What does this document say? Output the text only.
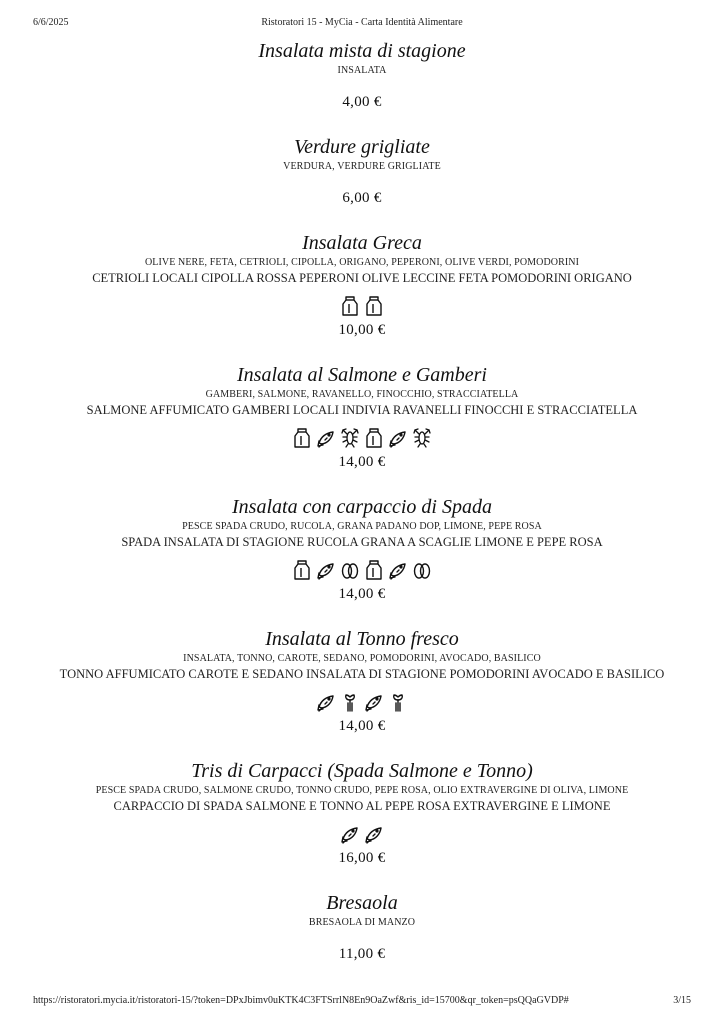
6/6/2025	Ristoratori 15 - MyCia - Carta Identità Alimentare
Insalata mista di stagione
INSALATA
4,00 €
Verdure grigliate
VERDURA, VERDURE GRIGLIATE
6,00 €
Insalata Greca
OLIVE NERE, FETA, CETRIOLI, CIPOLLA, ORIGANO, PEPERONI, OLIVE VERDI, POMODORINI
CETRIOLI LOCALI CIPOLLA ROSSA PEPERONI OLIVE LECCINE FETA POMODORINI ORIGANO
10,00 €
Insalata al Salmone e Gamberi
GAMBERI, SALMONE, RAVANELLO, FINOCCHIO, STRACCIATELLA
SALMONE AFFUMICATO GAMBERI LOCALI INDIVIA RAVANELLI FINOCCHI E STRACCIATELLA
14,00 €
Insalata con carpaccio di Spada
PESCE SPADA CRUDO, RUCOLA, GRANA PADANO DOP, LIMONE, PEPE ROSA
SPADA INSALATA DI STAGIONE RUCOLA GRANA A SCAGLIE LIMONE E PEPE ROSA
14,00 €
Insalata al Tonno fresco
INSALATA, TONNO, CAROTE, SEDANO, POMODORINI, AVOCADO, BASILICO
TONNO AFFUMICATO CAROTE E SEDANO INSALATA DI STAGIONE POMODORINI AVOCADO E BASILICO
14,00 €
Tris di Carpacci (Spada Salmone e Tonno)
PESCE SPADA CRUDO, SALMONE CRUDO, TONNO CRUDO, PEPE ROSA, OLIO EXTRAVERGINE DI OLIVA, LIMONE
CARPACCIO DI SPADA SALMONE E TONNO AL PEPE ROSA EXTRAVERGINE E LIMONE
16,00 €
Bresaola
BRESAOLA DI MANZO
11,00 €
https://ristoratori.mycia.it/ristoratori-15/?token=DPxJbimv0uKTK4C3FTSrrlN8En9OaZwf&ris_id=15700&qr_token=psQQaGVDP#	3/15
